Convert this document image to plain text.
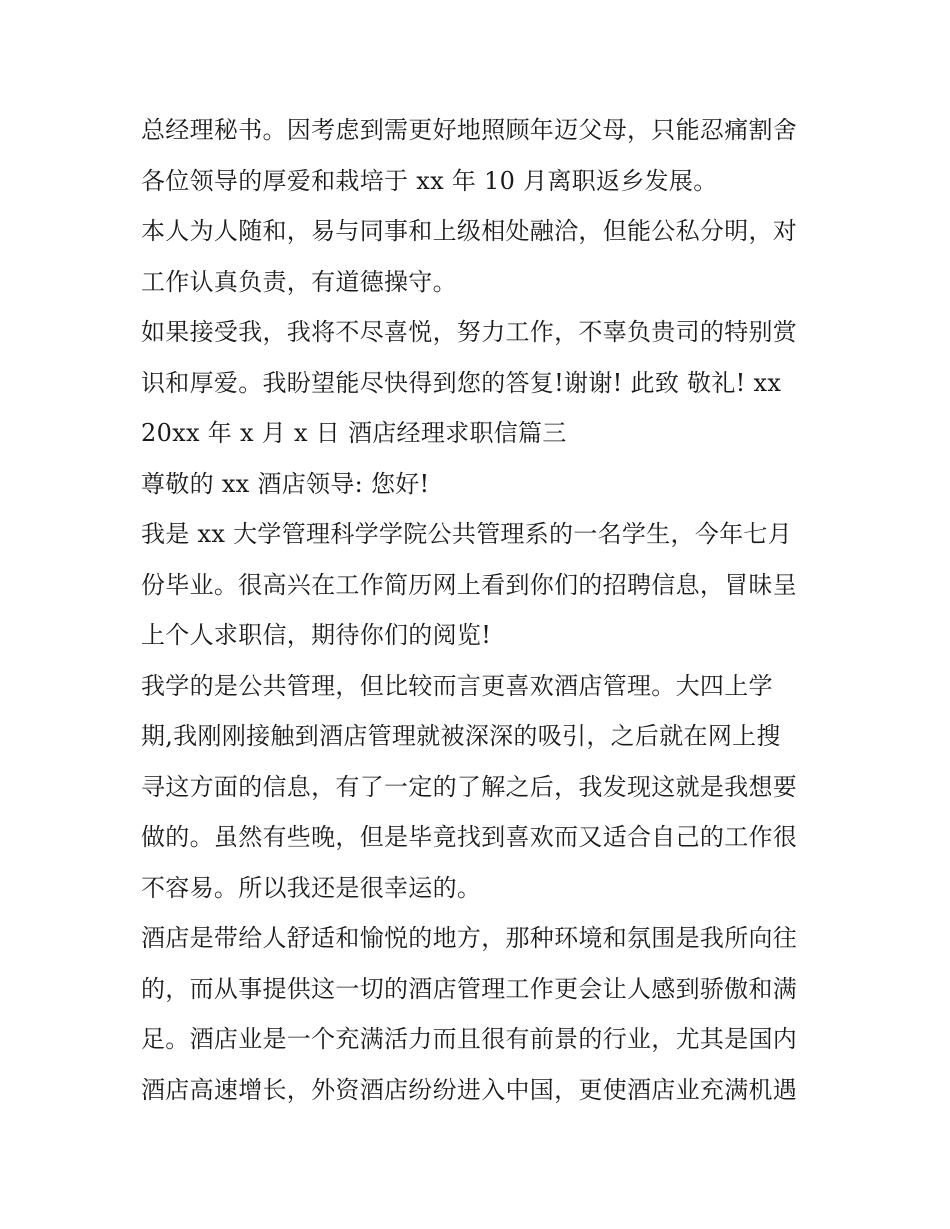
总经理秘书。因考虑到需更好地照顾年迈父母，只能忍痛割舍
各位领导的厚爱和栽培于 xx 年 10 月离职返乡发展。
本人为人随和，易与同事和上级相处融洽，但能公私分明，对
工作认真负责，有道德操守。
如果接受我，我将不尽喜悦，努力工作，不辜负贵司的特别赏
识和厚爱。我盼望能尽快得到您的答复!谢谢! 此致 敬礼! xx
20xx 年 x 月 x 日 酒店经理求职信篇三
尊敬的 xx 酒店领导: 您好!
我是 xx 大学管理科学学院公共管理系的一名学生，今年七月
份毕业。很高兴在工作简历网上看到你们的招聘信息，冒昧呈
上个人求职信，期待你们的阅览!
我学的是公共管理，但比较而言更喜欢酒店管理。大四上学
期,我刚刚接触到酒店管理就被深深的吸引，之后就在网上搜
寻这方面的信息，有了一定的了解之后，我发现这就是我想要
做的。虽然有些晚，但是毕竟找到喜欢而又适合自己的工作很
不容易。所以我还是很幸运的。
酒店是带给人舒适和愉悦的地方，那种环境和氛围是我所向往
的，而从事提供这一切的酒店管理工作更会让人感到骄傲和满
足。酒店业是一个充满活力而且很有前景的行业，尤其是国内
酒店高速增长，外资酒店纷纷进入中国，更使酒店业充满机遇
